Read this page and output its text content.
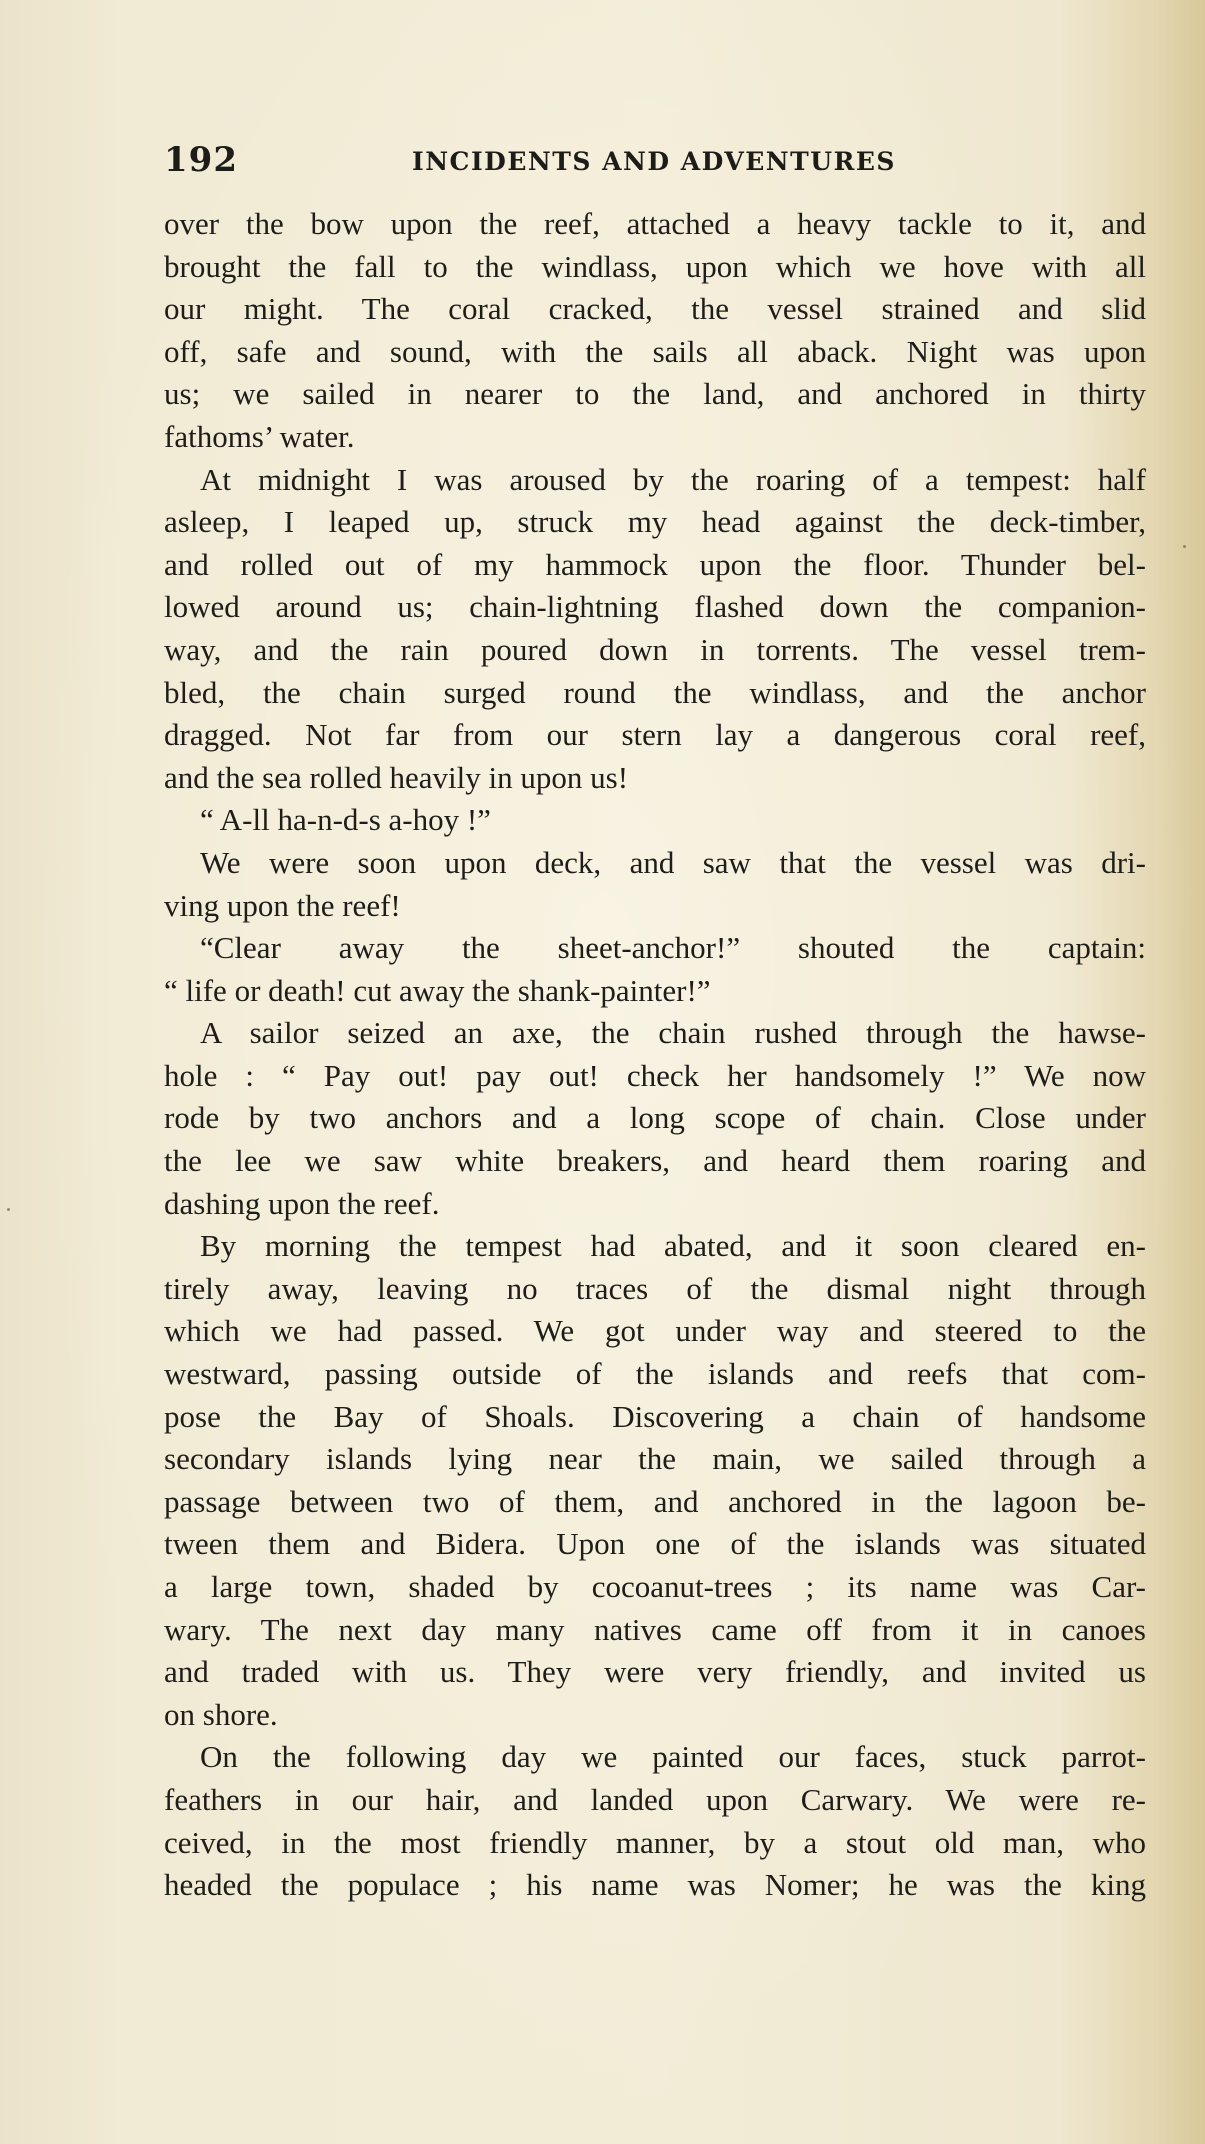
192	INCIDENTS AND ADVENTURES
over the bow upon the reef, attached a heavy tackle to it, and
brought the fall to the windlass, upon which we hove with all
our might. The coral cracked, the vessel strained and slid
off, safe and sound, with the sails all aback. Night was upon
us; we sailed in nearer to the land, and anchored in thirty
fathoms’ water.
At midnight I was aroused by the roaring of a tempest: half
asleep, I leaped up, struck my head against the deck-timber,
and rolled out of my hammock upon the floor. Thunder bel-
lowed around us; chain-lightning flashed down the companion-
way, and the rain poured down in torrents. The vessel trem-
bled, the chain surged round the windlass, and the anchor
dragged. Not far from our stern lay a dangerous coral reef,
and the sea rolled heavily in upon us!
“ A-ll ha-n-d-s a-hoy !”
We were soon upon deck, and saw that the vessel was dri-
ving upon the reef!
“Clear away the sheet-anchor!” shouted the captain:
“ life or death! cut away the shank-painter!”
A sailor seized an axe, the chain rushed through the hawse-
hole : “ Pay out! pay out! check her handsomely !” We now
rode by two anchors and a long scope of chain. Close under
the lee we saw white breakers, and heard them roaring and
dashing upon the reef.
By morning the tempest had abated, and it soon cleared en-
tirely away, leaving no traces of the dismal night through
which we had passed. We got under way and steered to the
westward, passing outside of the islands and reefs that com-
pose the Bay of Shoals. Discovering a chain of handsome
secondary islands lying near the main, we sailed through a
passage between two of them, and anchored in the lagoon be-
tween them and Bidera. Upon one of the islands was situated
a large town, shaded by cocoanut-trees ; its name was Car-
wary. The next day many natives came off from it in canoes
and traded with us. They were very friendly, and invited us
on shore.
On the following day we painted our faces, stuck parrot-
feathers in our hair, and landed upon Carwary. We were re-
ceived, in the most friendly manner, by a stout old man, who
headed the populace ; his name was Nomer; he was the king
